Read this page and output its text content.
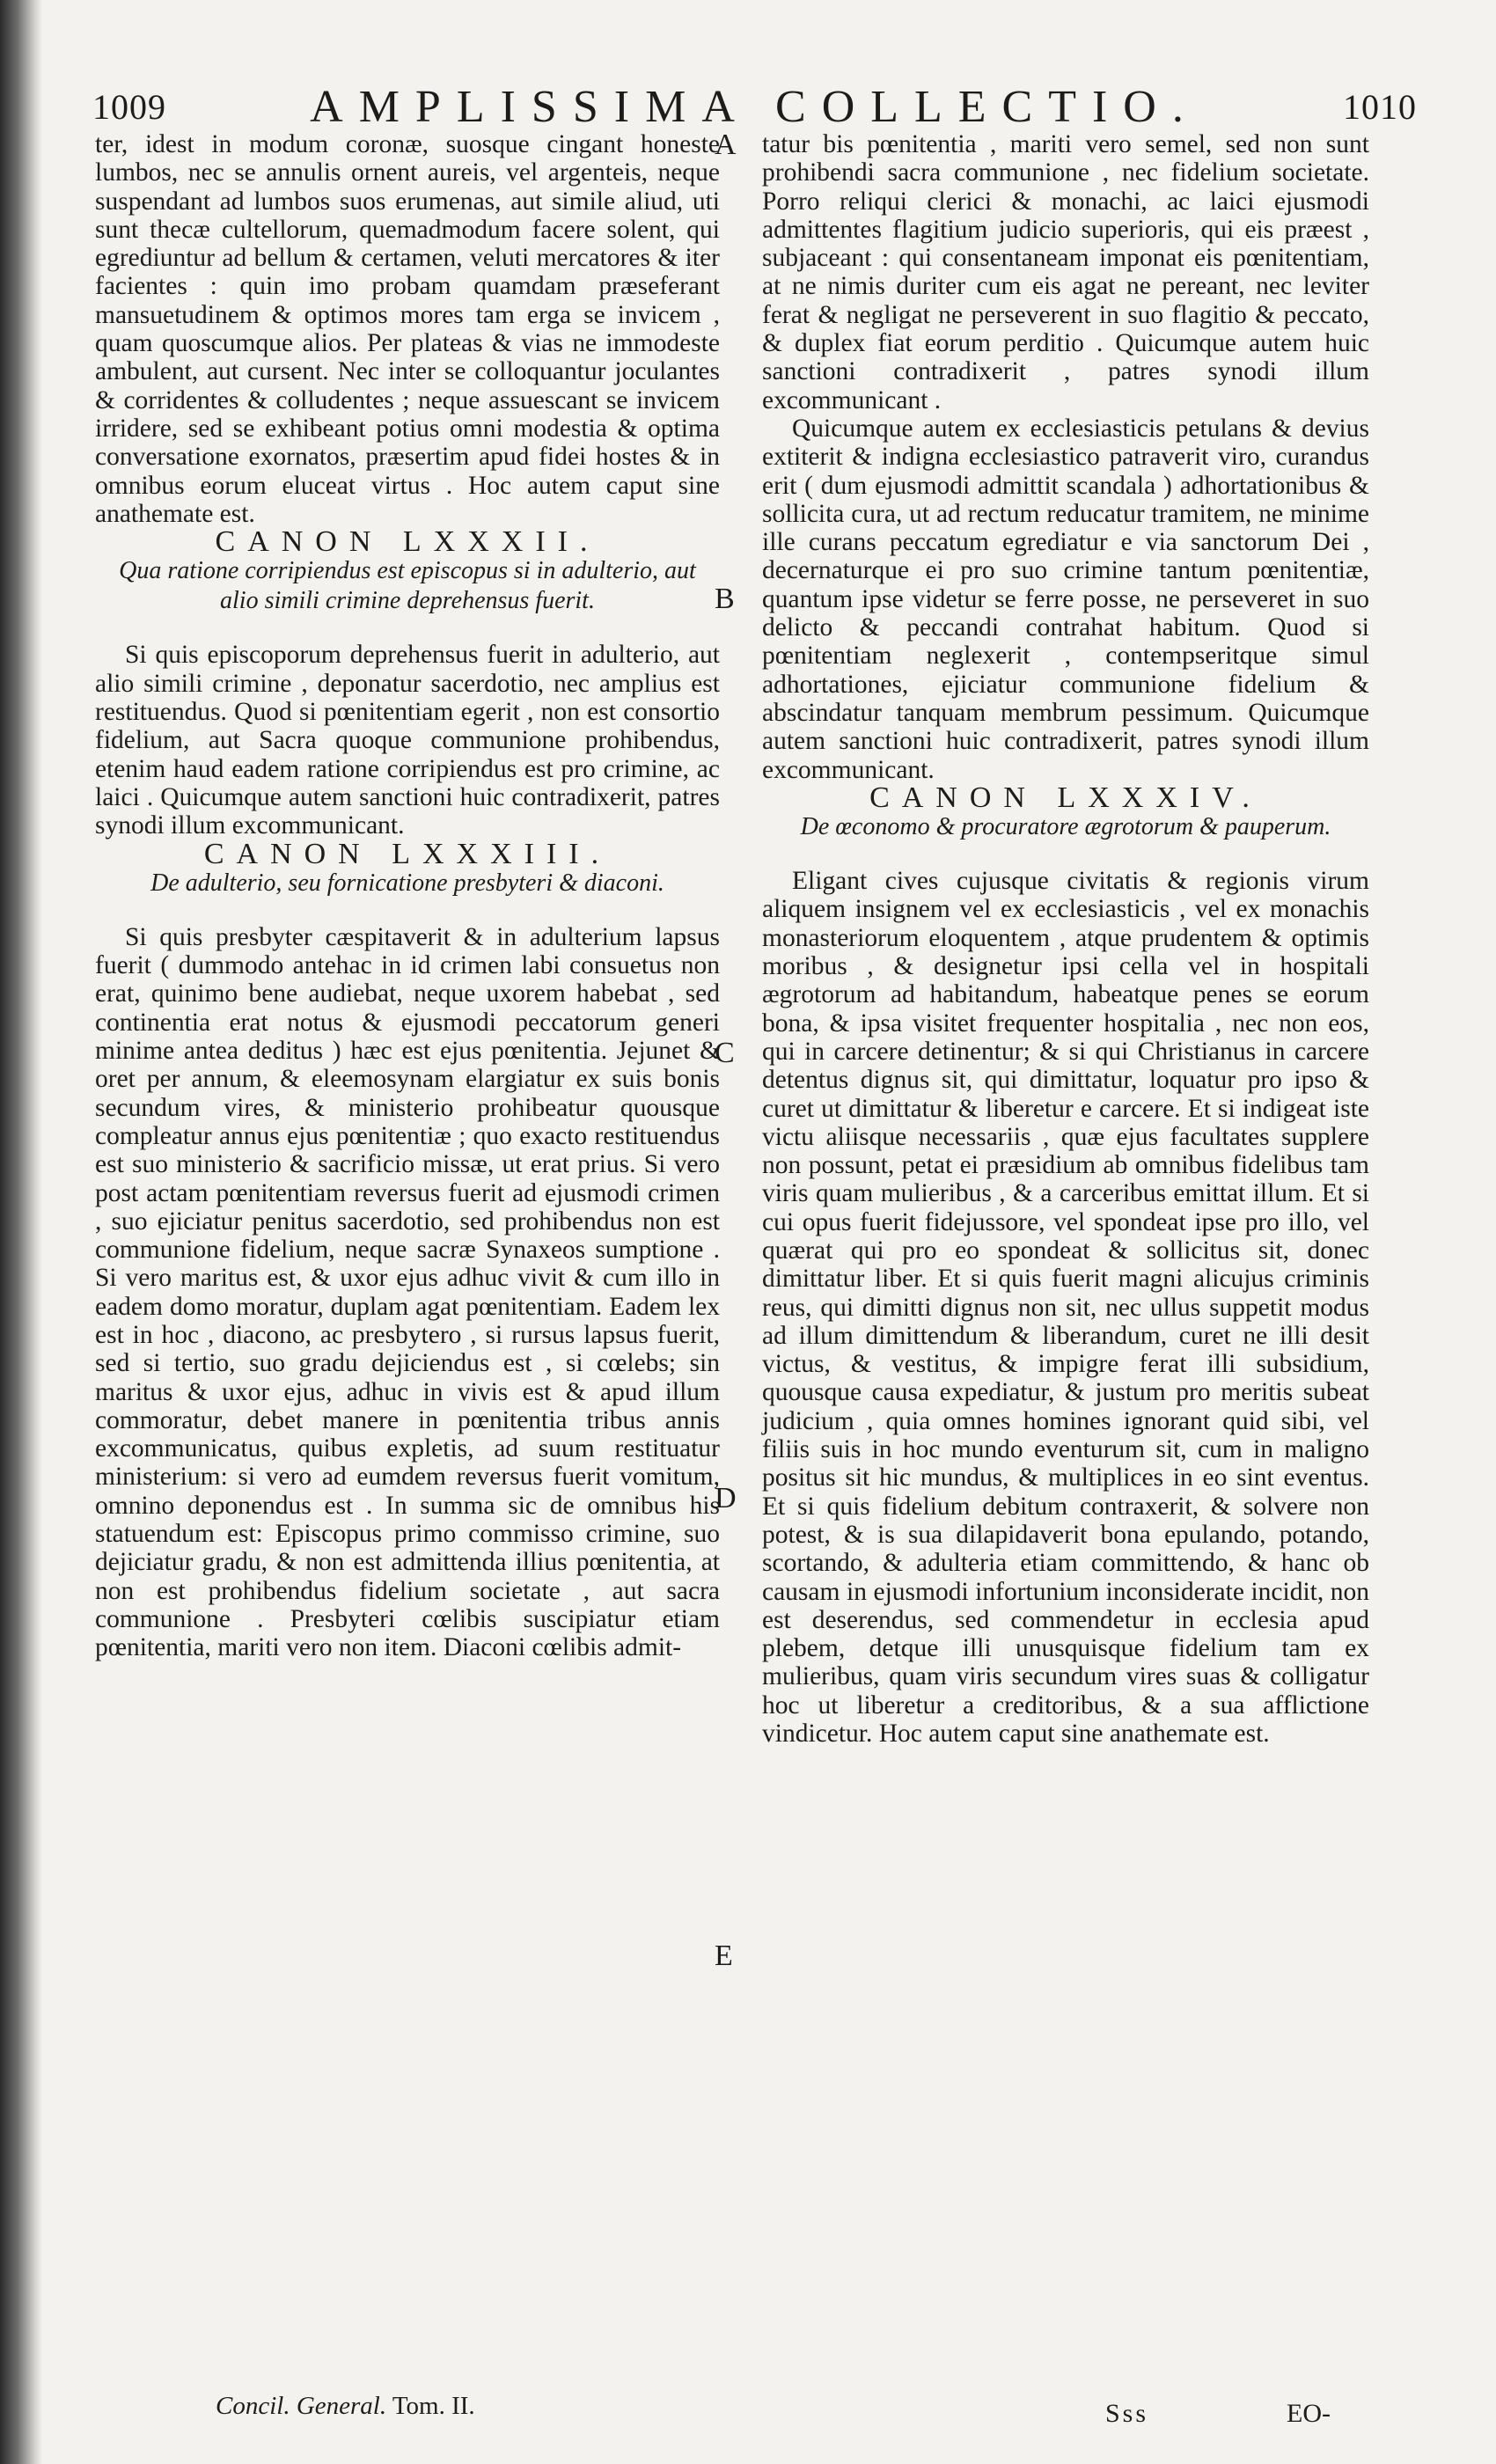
1009	AMPLISSIMA COLLECTIO.	1010

ter, idest in modum coronæ, suosque cingant honeste lumbos, nec se annulis ornent aureis, vel argenteis, neque suspendant ad lumbos suos erumenas, aut simile aliud, uti sunt thecæ cultellorum, quemadmodum facere solent, qui egrediuntur ad bellum & certamen, veluti mercatores & iter facientes : quin imo probam quamdam præseferant mansuetudinem & optimos mores tam erga se invicem , quam quoscumque alios. Per plateas & vias ne immodeste ambulent, aut cursent. Nec inter se colloquantur joculantes & corridentes & colludentes ; neque assuescant se invicem irridere, sed se exhibeant potius omni modestia & optima conversatione exornatos, præsertim apud fidei hostes & in omnibus eorum eluceat virtus . Hoc autem caput sine anathemate est.

CANON LXXXII.

Qua ratione corripiendus est episcopus si in adulterio, aut alio simili crimine deprehensus fuerit.

Si quis episcoporum deprehensus fuerit in adulterio, aut alio simili crimine , deponatur sacerdotio, nec amplius est restituendus. Quod si pœnitentiam egerit , non est consortio fidelium, aut Sacra quoque communione prohibendus, etenim haud eadem ratione corripiendus est pro crimine, ac laici . Quicumque autem sanctioni huic contradixerit, patres synodi illum excommunicant.

CANON LXXXIII.

De adulterio, seu fornicatione presbyteri & diaconi.

Si quis presbyter cæspitaverit & in adulterium lapsus fuerit ( dummodo antehac in id crimen labi consuetus non erat, quinimo bene audiebat, neque uxorem habebat , sed continentia erat notus & ejusmodi peccatorum generi minime antea deditus ) hæc est ejus pœnitentia. Jejunet & oret per annum, & eleemosynam elargiatur ex suis bonis secundum vires, & ministerio prohibeatur quousque compleatur annus ejus pœnitentiæ ; quo exacto restituendus est suo ministerio & sacrificio missæ, ut erat prius. Si vero post actam pœnitentiam reversus fuerit ad ejusmodi crimen , suo ejiciatur penitus sacerdotio, sed prohibendus non est communione fidelium, neque sacræ Synaxeos sumptione . Si vero maritus est, & uxor ejus adhuc vivit & cum illo in eadem domo moratur, duplam agat pœnitentiam. Eadem lex est in hoc , diacono, ac presbytero , si rursus lapsus fuerit, sed si tertio, suo gradu dejiciendus est , si cœlebs; sin maritus & uxor ejus, adhuc in vivis est & apud illum commoratur, debet manere in pœnitentia tribus annis excommunicatus, quibus expletis, ad suum restituatur ministerium: si vero ad eumdem reversus fuerit vomitum, omnino deponendus est . In summa sic de omnibus his statuendum est: Episcopus primo commisso crimine, suo dejiciatur gradu, & non est admittenda illius pœnitentia, at non est prohibendus fidelium societate , aut sacra communione . Presbyteri cœlibis suscipiatur etiam pœnitentia, mariti vero non item. Diaconi cœlibis admit-

tatur bis pœnitentia , mariti vero semel, sed non sunt prohibendi sacra communione , nec fidelium societate. Porro reliqui clerici & monachi, ac laici ejusmodi admittentes flagitium judicio superioris, qui eis præest , subjaceant : qui consentaneam imponat eis pœnitentiam, at ne nimis duriter cum eis agat ne pereant, nec leviter ferat & negligat ne perseverent in suo flagitio & peccato, & duplex fiat eorum perditio . Quicumque autem huic sanctioni contradixerit , patres synodi illum excommunicant .

Quicumque autem ex ecclesiasticis petulans & devius extiterit & indigna ecclesiastico patraverit viro, curandus erit ( dum ejusmodi admittit scandala ) adhortationibus & sollicita cura, ut ad rectum reducatur tramitem, ne minime ille curans peccatum egrediatur e via sanctorum Dei , decernaturque ei pro suo crimine tantum pœnitentiæ, quantum ipse videtur se ferre posse, ne perseveret in suo delicto & peccandi contrahat habitum. Quod si pœnitentiam neglexerit , contempseritque simul adhortationes, ejiciatur communione fidelium & abscindatur tanquam membrum pessimum. Quicumque autem sanctioni huic contradixerit, patres synodi illum excommunicant.

CANON LXXXIV.

De œconomo & procuratore ægrotorum & pauperum.

Eligant cives cujusque civitatis & regionis virum aliquem insignem vel ex ecclesiasticis , vel ex monachis monasteriorum eloquentem , atque prudentem & optimis moribus , & designetur ipsi cella vel in hospitali ægrotorum ad habitandum, habeatque penes se eorum bona, & ipsa visitet frequenter hospitalia , nec non eos, qui in carcere detinentur; & si qui Christianus in carcere detentus dignus sit, qui dimittatur, loquatur pro ipso & curet ut dimittatur & liberetur e carcere. Et si indigeat iste victu aliisque necessariis , quæ ejus facultates supplere non possunt, petat ei præsidium ab omnibus fidelibus tam viris quam mulieribus , & a carceribus emittat illum. Et si cui opus fuerit fidejussore, vel spondeat ipse pro illo, vel quærat qui pro eo spondeat & sollicitus sit, donec dimittatur liber. Et si quis fuerit magni alicujus criminis reus, qui dimitti dignus non sit, nec ullus suppetit modus ad illum dimittendum & liberandum, curet ne illi desit victus, & vestitus, & impigre ferat illi subsidium, quousque causa expediatur, & justum pro meritis subeat judicium , quia omnes homines ignorant quid sibi, vel filiis suis in hoc mundo eventurum sit, cum in maligno positus sit hic mundus, & multiplices in eo sint eventus. Et si quis fidelium debitum contraxerit, & solvere non potest, & is sua dilapidaverit bona epulando, potando, scortando, & adulteria etiam committendo, & hanc ob causam in ejusmodi infortunium inconsiderate incidit, non est deserendus, sed commendetur in ecclesia apud plebem, detque illi unusquisque fidelium tam ex mulieribus, quam viris secundum vires suas & colligatur hoc ut liberetur a creditoribus, & a sua afflictione vindicetur. Hoc autem caput sine anathemate est.

A
B
C
D
E
Concil. General. Tom. II.	Sss	EO-
